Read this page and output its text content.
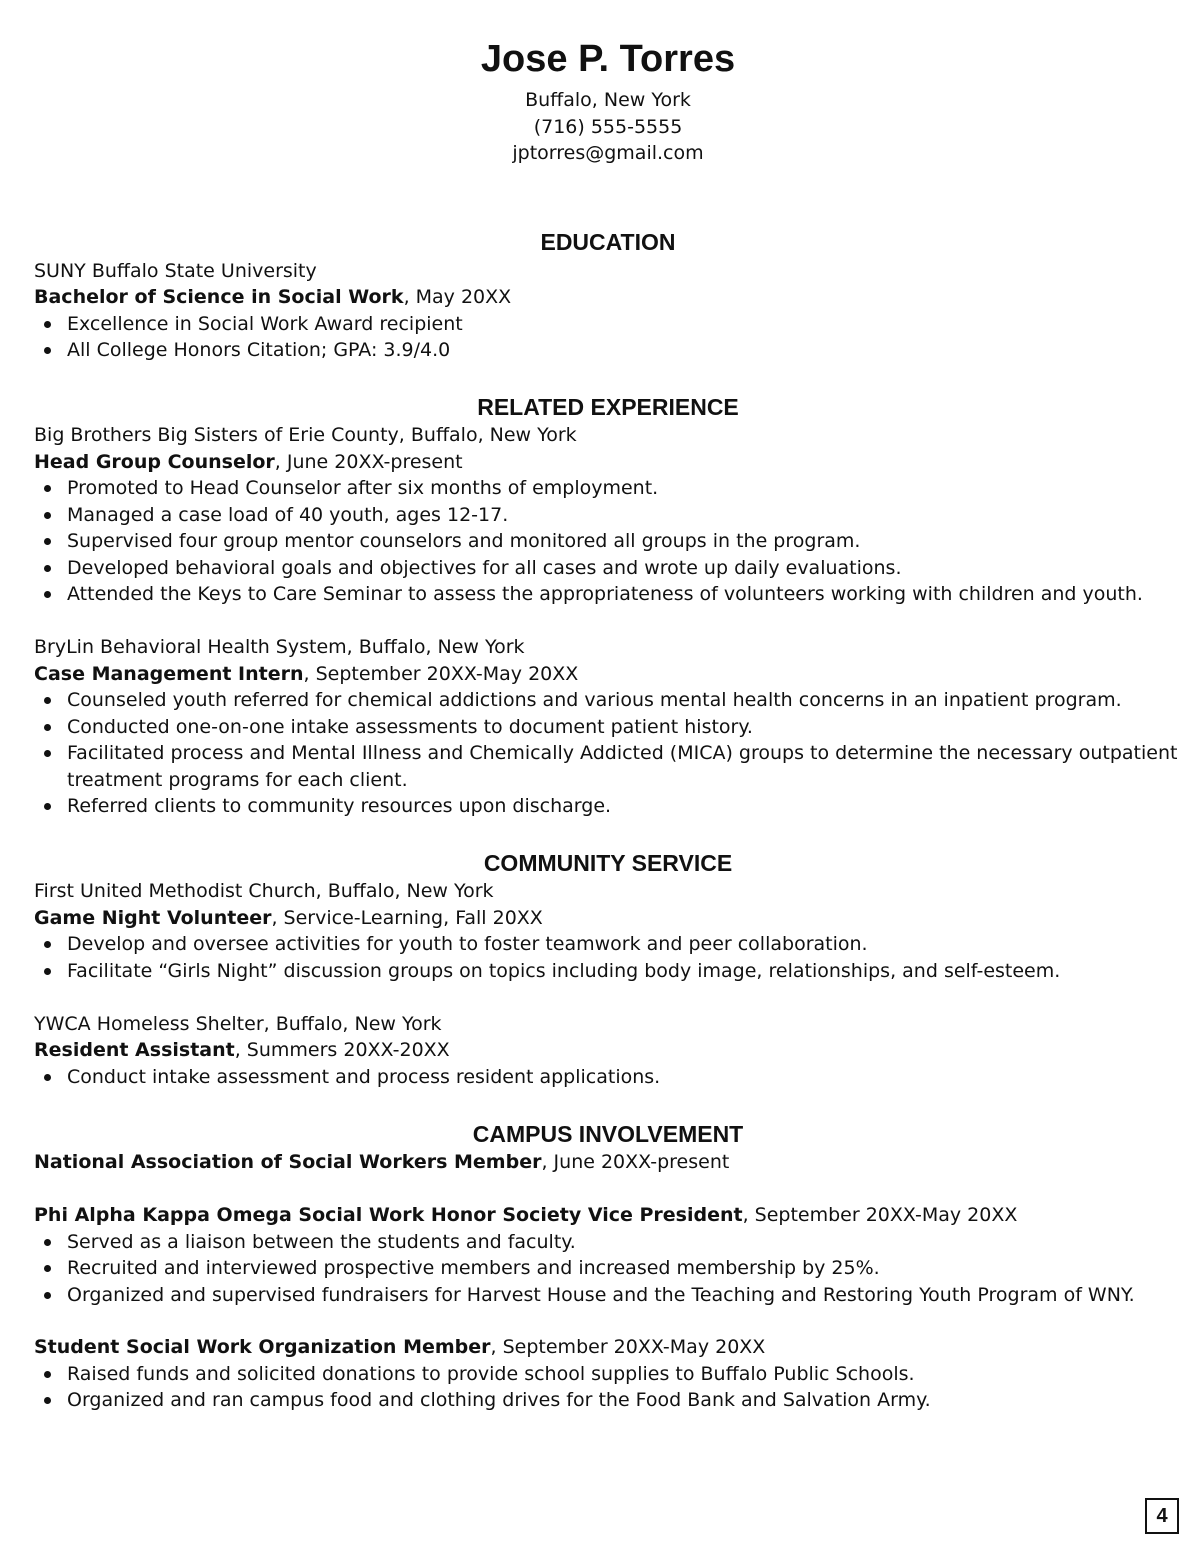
Jose P. Torres
Buffalo, New York
(716) 555-5555
jptorres@gmail.com
EDUCATION
SUNY Buffalo State University
Bachelor of Science in Social Work, May 20XX
Excellence in Social Work Award recipient
All College Honors Citation; GPA: 3.9/4.0
RELATED EXPERIENCE
Big Brothers Big Sisters of Erie County, Buffalo, New York
Head Group Counselor, June 20XX-present
Promoted to Head Counselor after six months of employment.
Managed a case load of 40 youth, ages 12-17.
Supervised four group mentor counselors and monitored all groups in the program.
Developed behavioral goals and objectives for all cases and wrote up daily evaluations.
Attended the Keys to Care Seminar to assess the appropriateness of volunteers working with children and youth.
BryLin Behavioral Health System, Buffalo, New York
Case Management Intern, September 20XX-May 20XX
Counseled youth referred for chemical addictions and various mental health concerns in an inpatient program.
Conducted one-on-one intake assessments to document patient history.
Facilitated process and Mental Illness and Chemically Addicted (MICA) groups to determine the necessary outpatient treatment programs for each client.
Referred clients to community resources upon discharge.
COMMUNITY SERVICE
First United Methodist Church, Buffalo, New York
Game Night Volunteer, Service-Learning, Fall 20XX
Develop and oversee activities for youth to foster teamwork and peer collaboration.
Facilitate “Girls Night” discussion groups on topics including body image, relationships, and self-esteem.
YWCA Homeless Shelter, Buffalo, New York
Resident Assistant, Summers 20XX-20XX
Conduct intake assessment and process resident applications.
CAMPUS INVOLVEMENT
National Association of Social Workers Member, June 20XX-present
Phi Alpha Kappa Omega Social Work Honor Society Vice President, September 20XX-May 20XX
Served as a liaison between the students and faculty.
Recruited and interviewed prospective members and increased membership by 25%.
Organized and supervised fundraisers for Harvest House and the Teaching and Restoring Youth Program of WNY.
Student Social Work Organization Member, September 20XX-May 20XX
Raised funds and solicited donations to provide school supplies to Buffalo Public Schools.
Organized and ran campus food and clothing drives for the Food Bank and Salvation Army.
4
